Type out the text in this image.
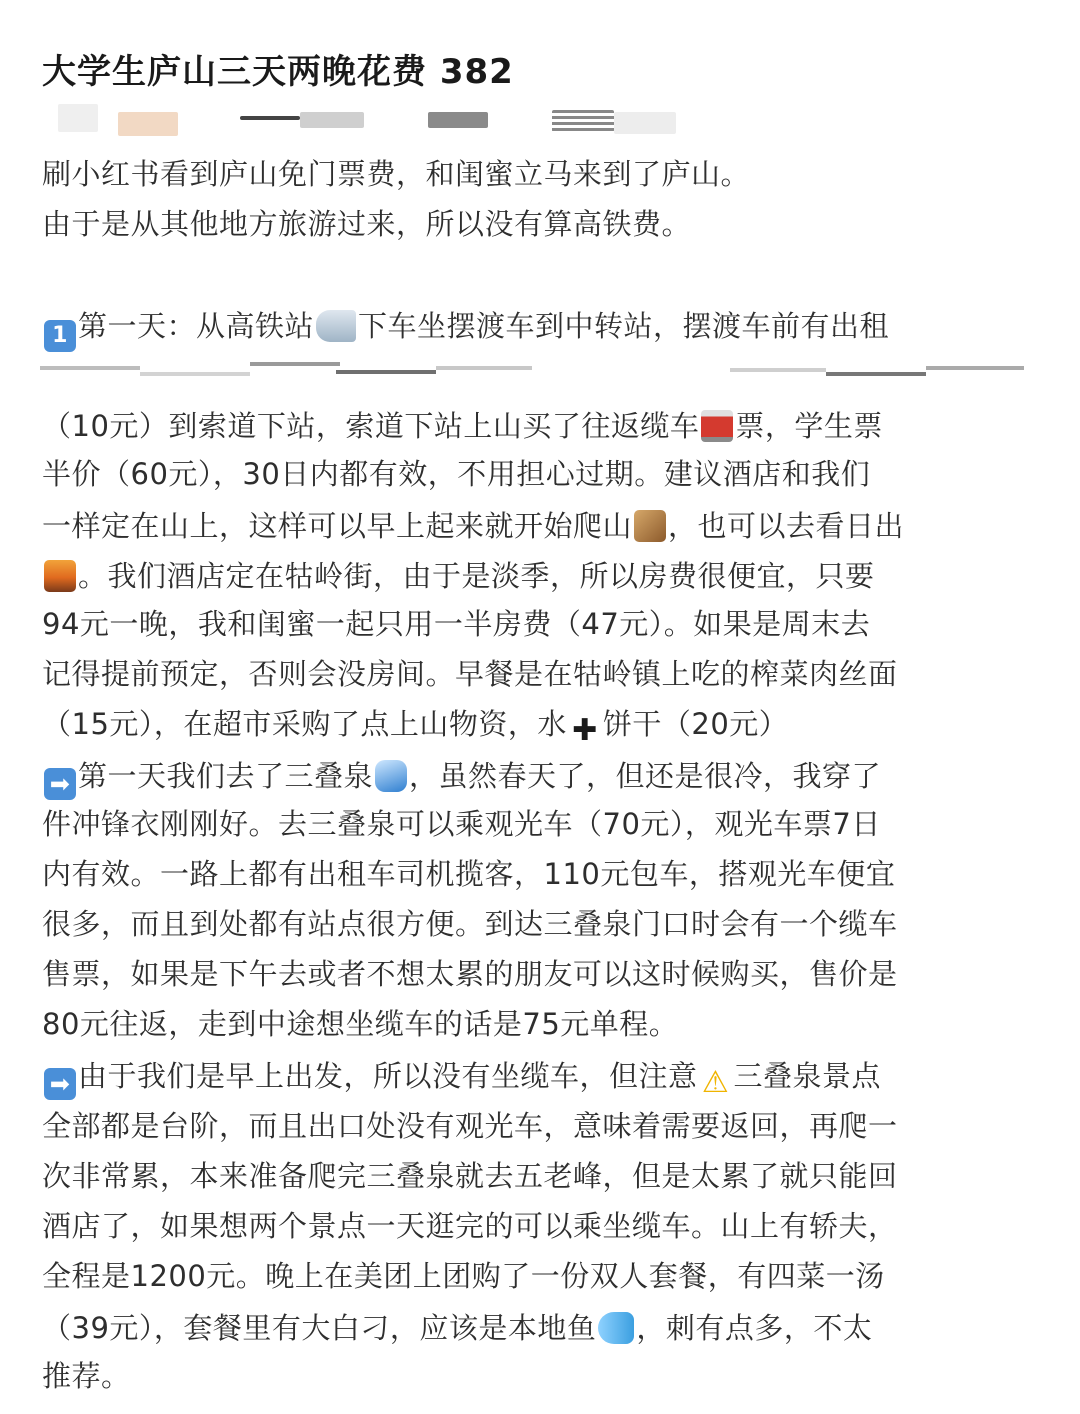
大学生庐山三天两晚花费 382
刷小红书看到庐山免门票费，和闺蜜立马来到了庐山。
由于是从其他地方旅游过来，所以没有算高铁费。
1 第一天：从高铁站 下车坐摆渡车到中转站，摆渡车前有出租
（10元）到索道下站，索道下站上山买了往返缆车 票，学生票
半价（60元），30日内都有效，不用担心过期。建议酒店和我们
一样定在山上，这样可以早上起来就开始爬山 ，也可以去看日出
。我们酒店定在牯岭街，由于是淡季，所以房费很便宜，只要
94元一晚，我和闺蜜一起只用一半房费（47元）。如果是周末去
记得提前预定，否则会没房间。早餐是在牯岭镇上吃的榨菜肉丝面
（15元），在超市采购了点上山物资，水 ✚ 饼干（20元）
➡ 第一天我们去了三叠泉 ，虽然春天了，但还是很冷，我穿了
件冲锋衣刚刚好。去三叠泉可以乘观光车（70元），观光车票7日
内有效。一路上都有出租车司机揽客，110元包车，搭观光车便宜
很多，而且到处都有站点很方便。到达三叠泉门口时会有一个缆车
售票，如果是下午去或者不想太累的朋友可以这时候购买，售价是
80元往返，走到中途想坐缆车的话是75元单程。
➡ 由于我们是早上出发，所以没有坐缆车，但注意 ⚠ 三叠泉景点
全部都是台阶，而且出口处没有观光车，意味着需要返回，再爬一
次非常累，本来准备爬完三叠泉就去五老峰，但是太累了就只能回
酒店了，如果想两个景点一天逛完的可以乘坐缆车。山上有轿夫，
全程是1200元。晚上在美团上团购了一份双人套餐，有四菜一汤
（39元），套餐里有大白刁，应该是本地鱼 ，刺有点多，不太
推荐。
